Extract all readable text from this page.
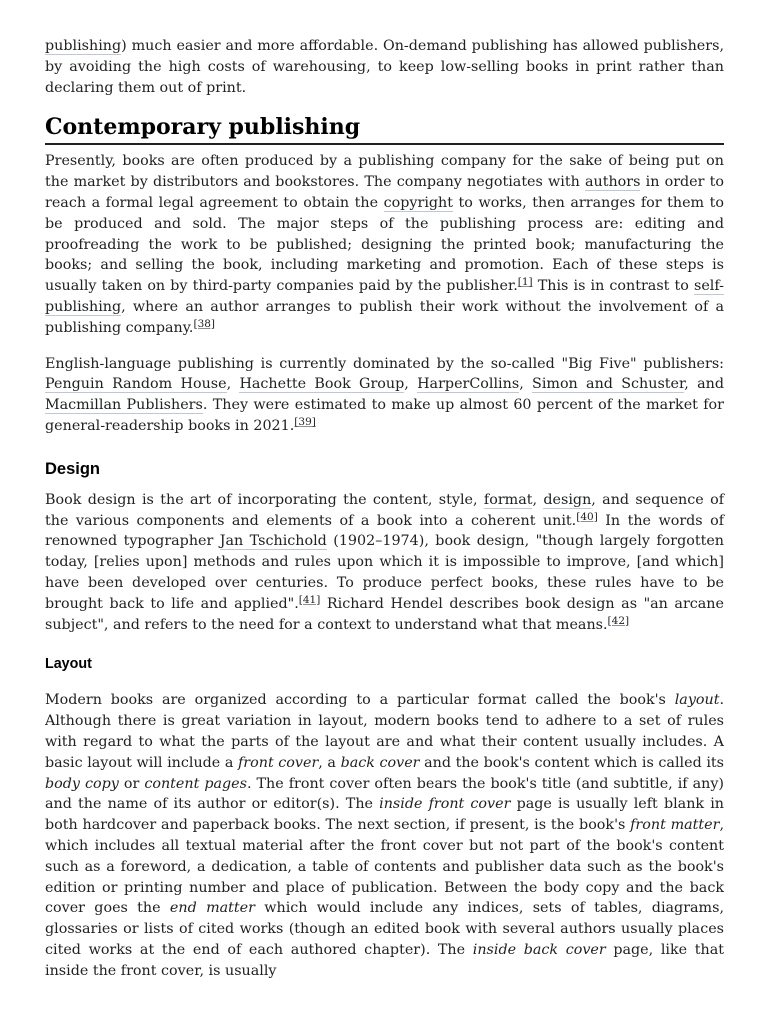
publishing) much easier and more affordable. On-demand publishing has allowed publishers, by avoiding the high costs of warehousing, to keep low-selling books in print rather than declaring them out of print.

Contemporary publishing

Presently, books are often produced by a publishing company for the sake of being put on the market by distributors and bookstores. The company negotiates with authors in order to reach a formal legal agreement to obtain the copyright to works, then arranges for them to be produced and sold. The major steps of the publishing process are: editing and proofreading the work to be published; designing the printed book; manufacturing the books; and selling the book, including marketing and promotion. Each of these steps is usually taken on by third-party companies paid by the publisher.[1] This is in contrast to self-publishing, where an author arranges to publish their work without the involvement of a publishing company.[38]

English-language publishing is currently dominated by the so-called "Big Five" publishers: Penguin Random House, Hachette Book Group, HarperCollins, Simon and Schuster, and Macmillan Publishers. They were estimated to make up almost 60 percent of the market for general-readership books in 2021.[39]

Design

Book design is the art of incorporating the content, style, format, design, and sequence of the various components and elements of a book into a coherent unit.[40] In the words of renowned typographer Jan Tschichold (1902–1974), book design, "though largely forgotten today, [relies upon] methods and rules upon which it is impossible to improve, [and which] have been developed over centuries. To produce perfect books, these rules have to be brought back to life and applied".[41] Richard Hendel describes book design as "an arcane subject", and refers to the need for a context to understand what that means.[42]

Layout

Modern books are organized according to a particular format called the book's layout. Although there is great variation in layout, modern books tend to adhere to a set of rules with regard to what the parts of the layout are and what their content usually includes. A basic layout will include a front cover, a back cover and the book's content which is called its body copy or content pages. The front cover often bears the book's title (and subtitle, if any) and the name of its author or editor(s). The inside front cover page is usually left blank in both hardcover and paperback books. The next section, if present, is the book's front matter, which includes all textual material after the front cover but not part of the book's content such as a foreword, a dedication, a table of contents and publisher data such as the book's edition or printing number and place of publication. Between the body copy and the back cover goes the end matter which would include any indices, sets of tables, diagrams, glossaries or lists of cited works (though an edited book with several authors usually places cited works at the end of each authored chapter). The inside back cover page, like that inside the front cover, is usually
